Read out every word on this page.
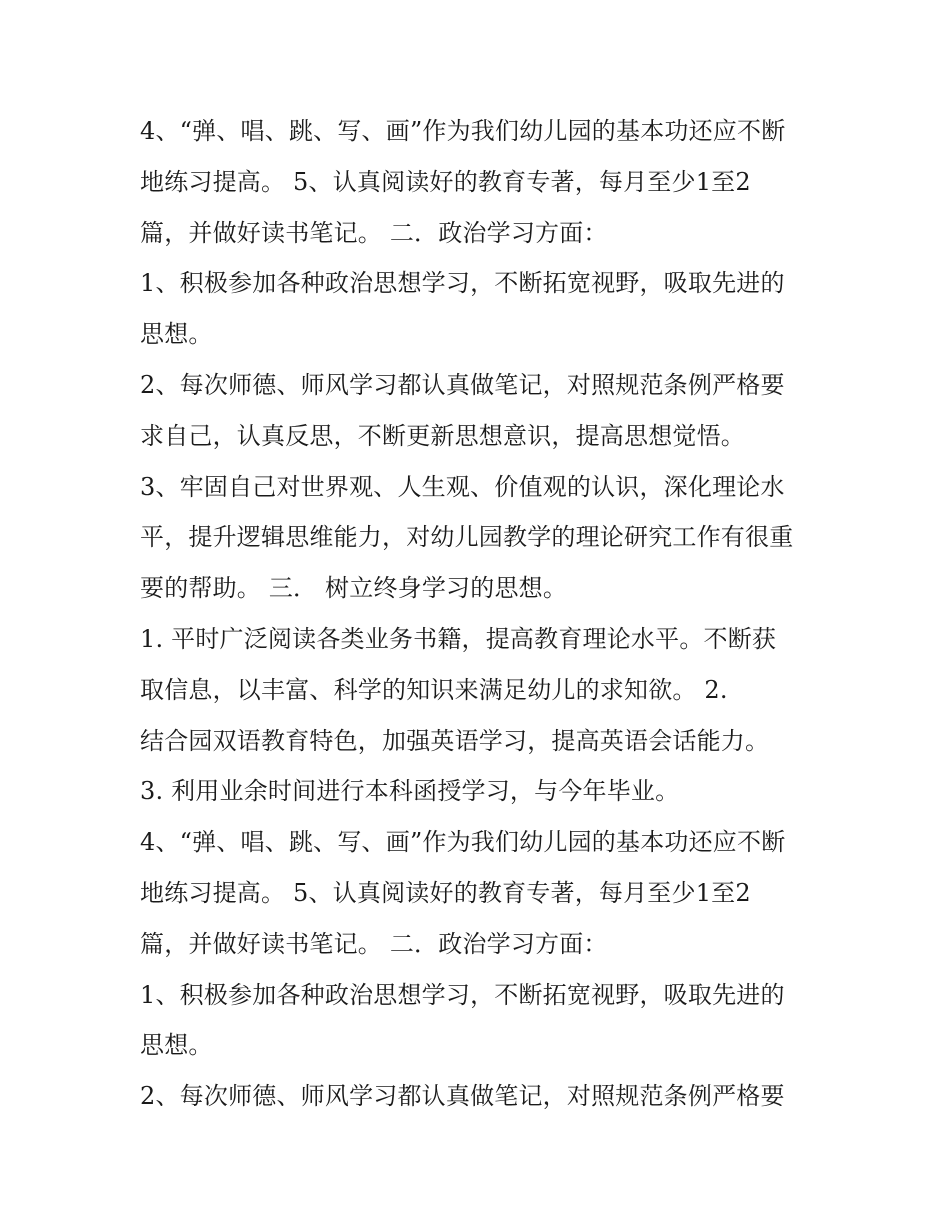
4、“弹、唱、跳、写、画”作为我们幼儿园的基本功还应不断
地练习提高。 5、认真阅读好的教育专著，每月至少1至2
篇，并做好读书笔记。 二．政治学习方面：
1、积极参加各种政治思想学习，不断拓宽视野，吸取先进的
思想。
2、每次师德、师风学习都认真做笔记，对照规范条例严格要
求自己，认真反思，不断更新思想意识，提高思想觉悟。
3、牢固自己对世界观、人生观、价值观的认识，深化理论水
平，提升逻辑思维能力，对幼儿园教学的理论研究工作有很重
要的帮助。 三． 树立终身学习的思想。
1. 平时广泛阅读各类业务书籍，提高教育理论水平。不断获
取信息，以丰富、科学的知识来满足幼儿的求知欲。 2.
结合园双语教育特色，加强英语学习，提高英语会话能力。
3. 利用业余时间进行本科函授学习，与今年毕业。
4、“弹、唱、跳、写、画”作为我们幼儿园的基本功还应不断
地练习提高。 5、认真阅读好的教育专著，每月至少1至2
篇，并做好读书笔记。 二．政治学习方面：
1、积极参加各种政治思想学习，不断拓宽视野，吸取先进的
思想。
2、每次师德、师风学习都认真做笔记，对照规范条例严格要
